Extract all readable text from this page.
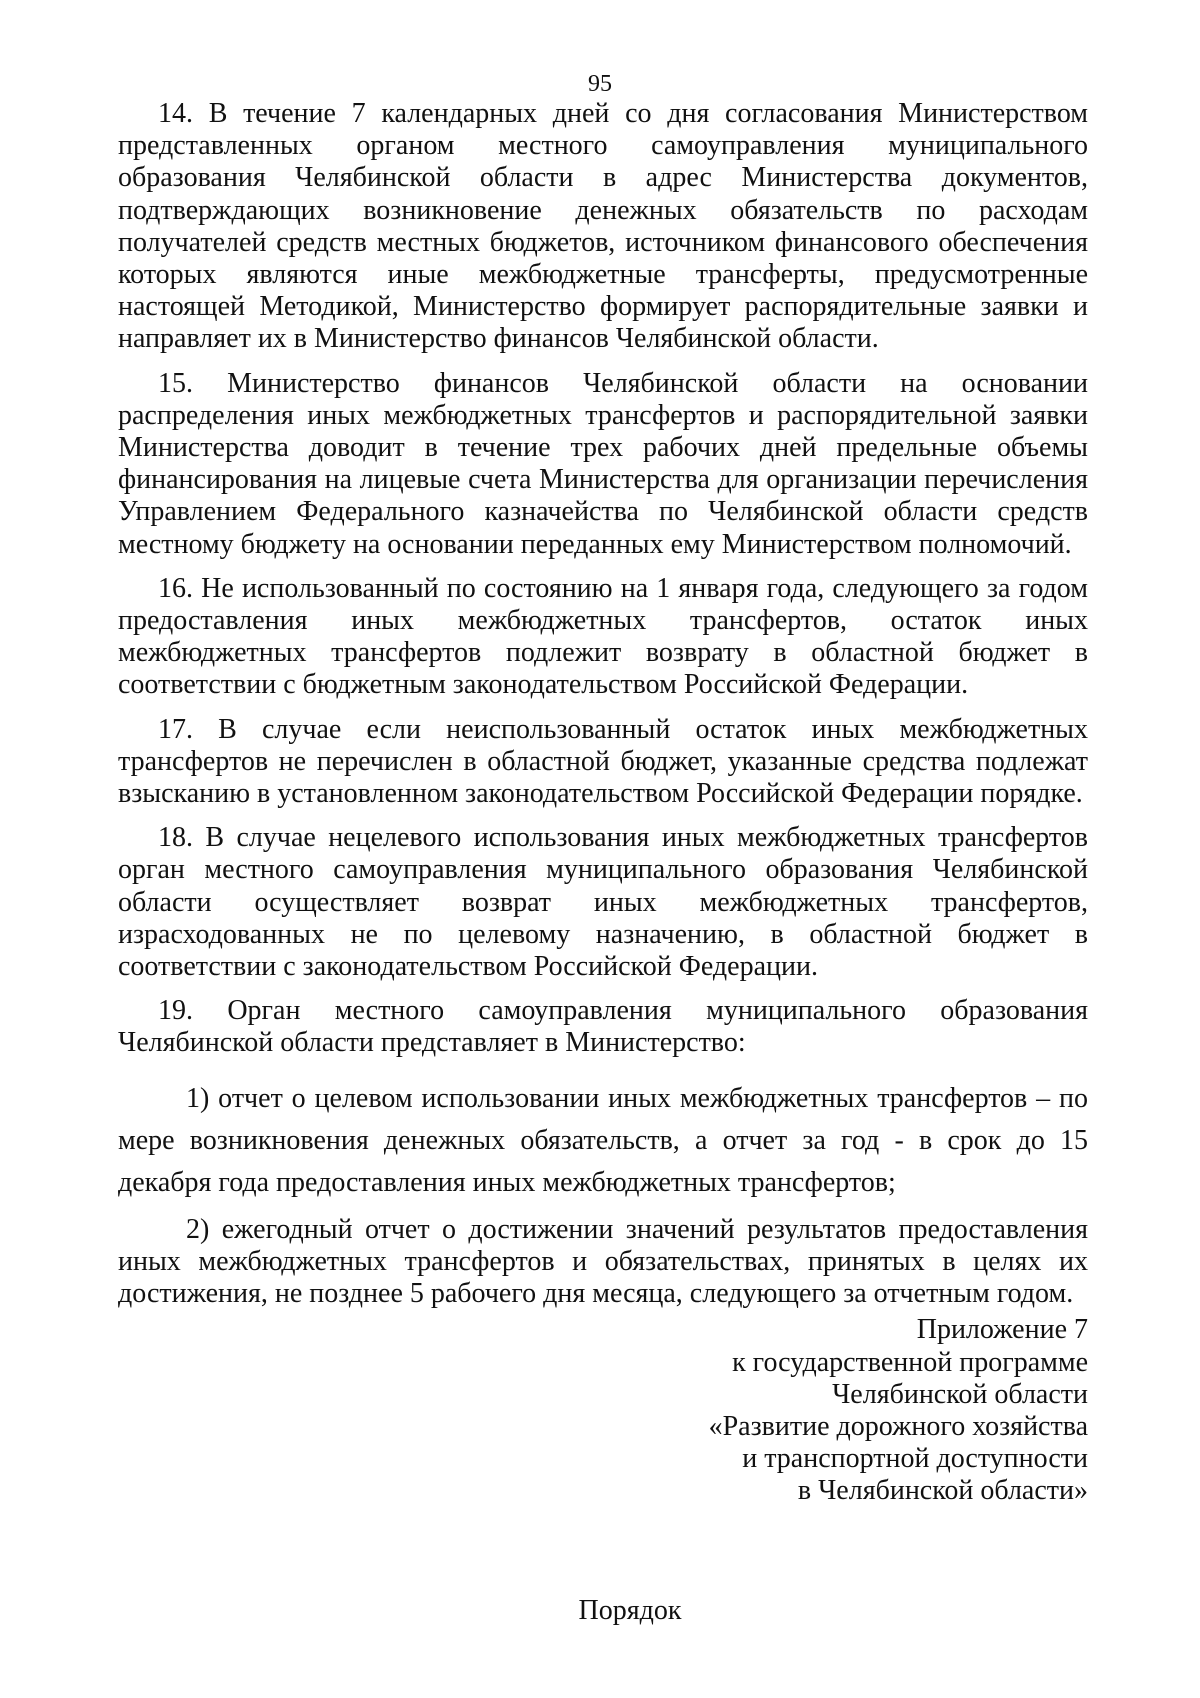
95

14. В течение 7 календарных дней со дня согласования Министерством представленных органом местного самоуправления муниципального образования Челябинской области в адрес Министерства документов, подтверждающих возникновение денежных обязательств по расходам получателей средств местных бюджетов, источником финансового обеспечения которых являются иные межбюджетные трансферты, предусмотренные настоящей Методикой, Министерство формирует распорядительные заявки и направляет их в Министерство финансов Челябинской области.

15. Министерство финансов Челябинской области на основании распределения иных межбюджетных трансфертов и распорядительной заявки Министерства доводит в течение трех рабочих дней предельные объемы финансирования на лицевые счета Министерства для организации перечисления Управлением Федерального казначейства по Челябинской области средств местному бюджету на основании переданных ему Министерством полномочий.

16. Не использованный по состоянию на 1 января года, следующего за годом предоставления иных межбюджетных трансфертов, остаток иных межбюджетных трансфертов подлежит возврату в областной бюджет в соответствии с бюджетным законодательством Российской Федерации.

17. В случае если неиспользованный остаток иных межбюджетных трансфертов не перечислен в областной бюджет, указанные средства подлежат взысканию в установленном законодательством Российской Федерации порядке.

18. В случае нецелевого использования иных межбюджетных трансфертов орган местного самоуправления муниципального образования Челябинской области осуществляет возврат иных межбюджетных трансфертов, израсходованных не по целевому назначению, в областной бюджет в соответствии с законодательством Российской Федерации.

19. Орган местного самоуправления муниципального образования Челябинской области представляет в Министерство:

1) отчет о целевом использовании иных межбюджетных трансфертов – по мере возникновения денежных обязательств, а отчет за год - в срок до 15 декабря года предоставления иных межбюджетных трансфертов;

2) ежегодный отчет о достижении значений результатов предоставления иных межбюджетных трансфертов и обязательствах, принятых в целях их достижения, не позднее 5 рабочего дня месяца, следующего за отчетным годом.

Приложение 7
к государственной программе
Челябинской области
«Развитие дорожного хозяйства
и транспортной доступности
в Челябинской области»
Порядок
